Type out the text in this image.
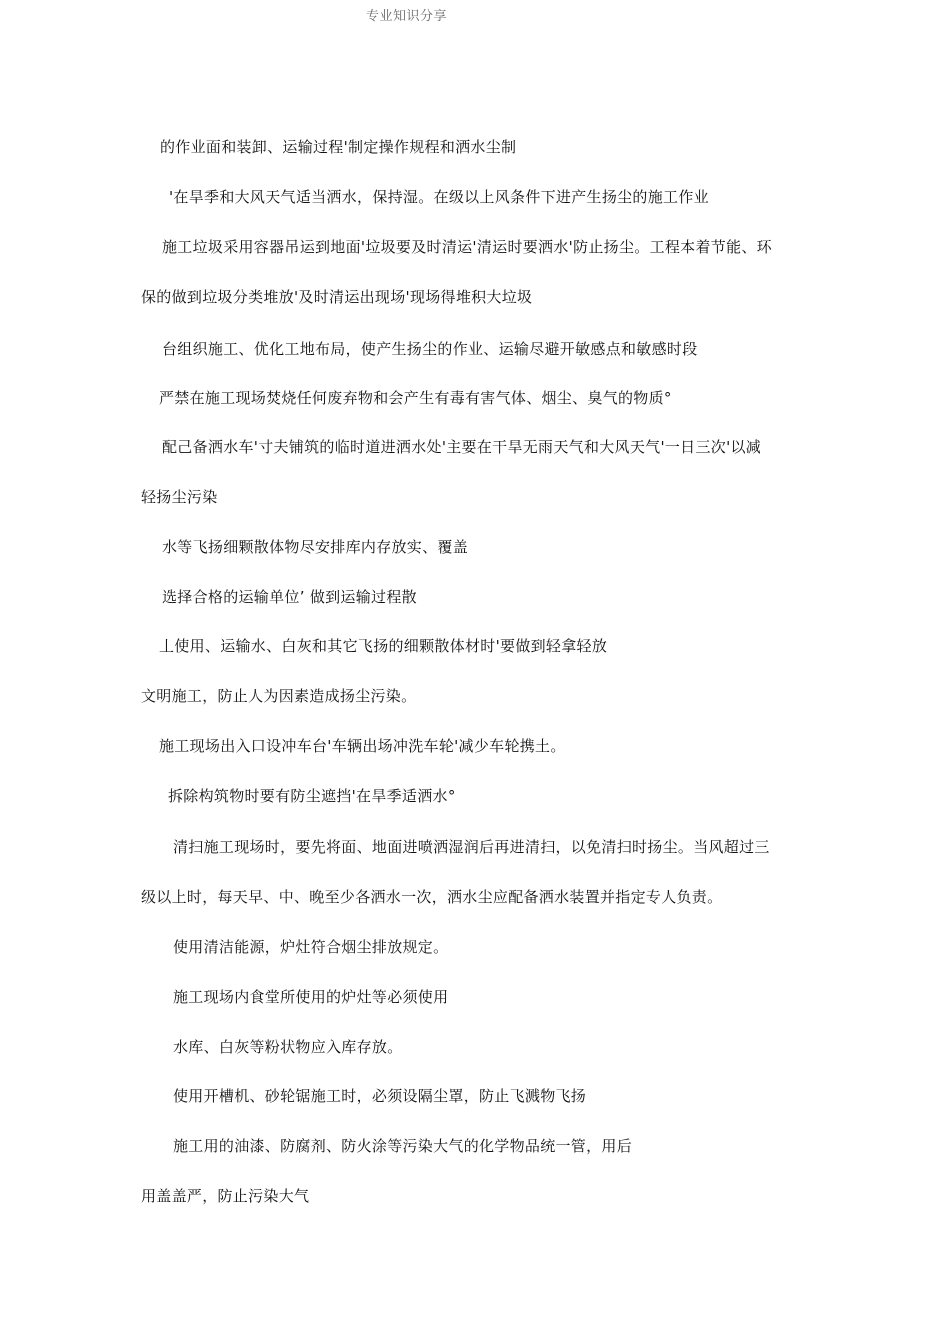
专业知识分享
的作业面和装卸、运输过程'制定操作规程和洒水尘制
'在旱季和大风天气适当洒水，保持湿。在级以上风条件下进产生扬尘的施工作业
施工垃圾采用容器吊运到地面'垃圾要及时清运'清运时要洒水'防止扬尘。工程本着节能、环
保的做到垃圾分类堆放'及时清运出现场'现场得堆积大垃圾
台组织施工、优化工地布局，使产生扬尘的作业、运输尽避开敏感点和敏感时段
严禁在施工现场焚烧任何废弃物和会产生有毒有害气体、烟尘、臭气的物质°
配己备洒水车'寸夫铺筑的临时道进洒水处'主要在干旱无雨天气和大风天气'一日三次'以减
轻扬尘污染
水等飞扬细颗散体物尽安排库内存放实、覆盖
选择合格的运输单位’ 做到运输过程散
丄使用、运输水、白灰和其它飞扬的细颗散体材时'要做到轻拿轻放
文明施工，防止人为因素造成扬尘污染。
施工现场出入口设冲车台'车辆出场冲洗车轮'减少车轮携土。
拆除构筑物时要有防尘遮挡'在旱季适洒水°
清扫施工现场时，要先将面、地面进喷洒湿润后再进清扫，以免清扫时扬尘。当风超过三
级以上时，每天早、中、晚至少各洒水一次，洒水尘应配备洒水装置并指定专人负责。
使用清洁能源，炉灶符合烟尘排放规定。
施工现场内食堂所使用的炉灶等必须使用
水库、白灰等粉状物应入库存放。
使用开槽机、砂轮锯施工时，必须设隔尘罩，防止飞溅物飞扬
施工用的油漆、防腐剂、防火涂等污染大气的化学物品统一管，用后
用盖盖严，防止污染大气
